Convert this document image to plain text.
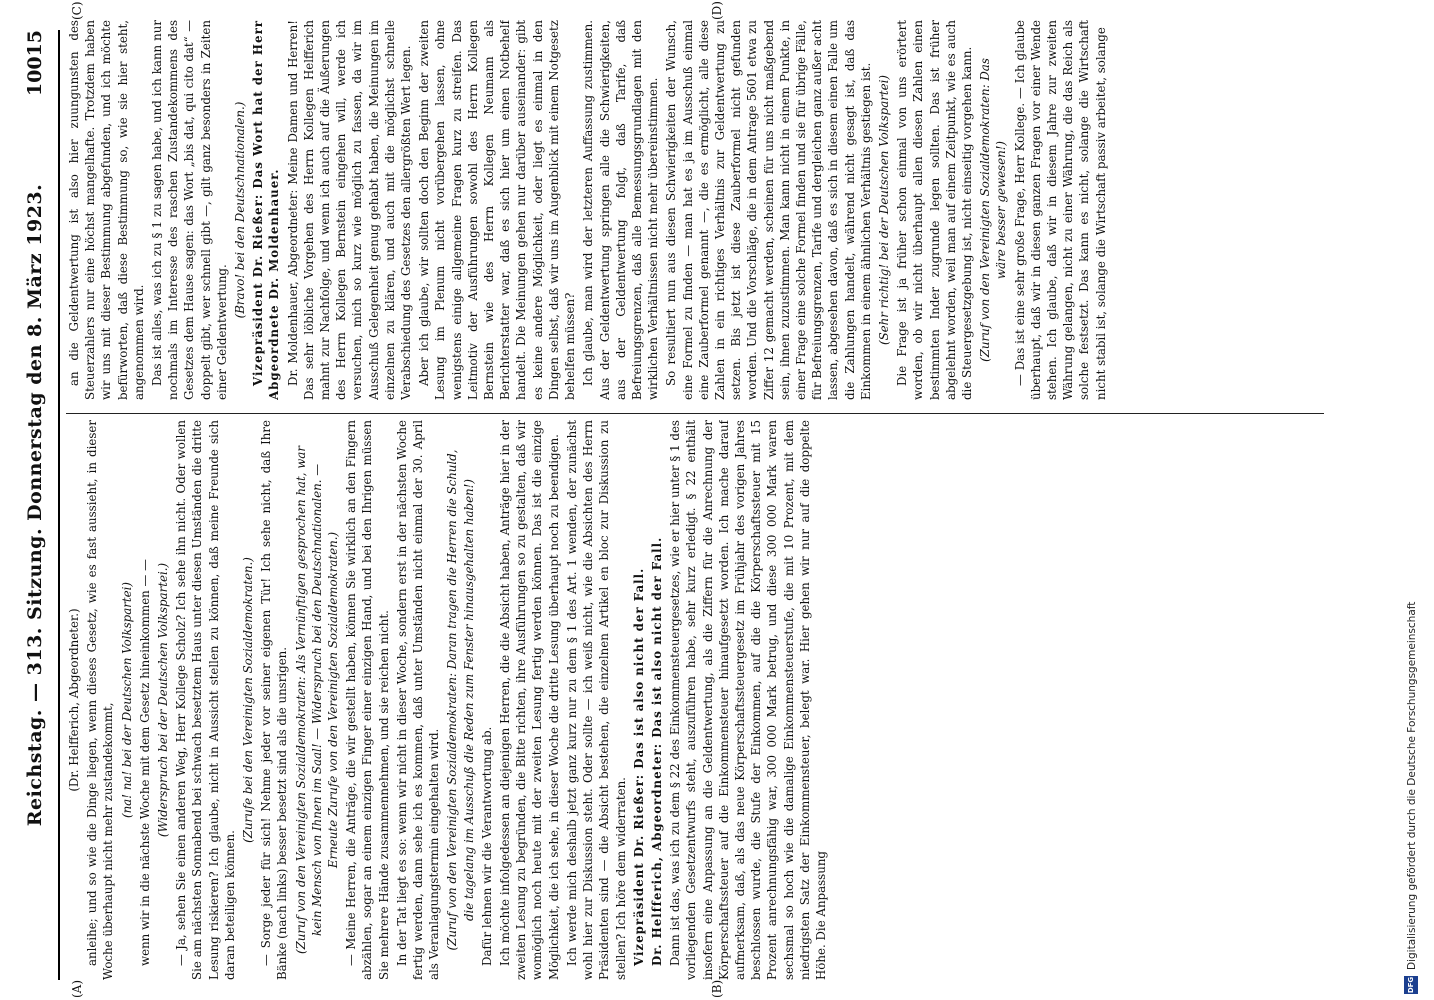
Reichstag. — 313. Sitzung. Donnerstag den 8. März 1923.
10015

(Dr. Helfferich, Abgeordneter.) anleihe; und so wie die Dinge liegen, wenn dieses Gesetz, wie es fast aussieht, in dieser Woche überhaupt nicht mehr zustandekommt,

(na! na! bei der Deutschen Volkspartei) wenn wir in die nächste Woche mit dem Gesetz hineinkommen — — (Widerspruch bei der Deutschen Volkspartei.) — Ja, sehen Sie einen anderen Weg, Herr Kollege Scholz? Ich sehe ihn nicht. Oder wollen Sie am nächsten Sonnabend bei schwach besetztem Haus unter diesen Umständen die dritte Lesung riskieren? Ich glaube, nicht in Aussicht stellen zu können, daß meine Freunde sich daran beteiligen können.

(Zurufe bei den Vereinigten Sozialdemokraten.) — Sorge jeder für sich! Nehme jeder vor seiner eigenen Tür! Ich sehe nicht, daß Ihre Bänke (nach links) besser besetzt sind als die unsrigen. (Zuruf von den Vereinigten Sozialdemokraten: Als Vernünftigen gesprochen hat, war kein Mensch von Ihnen im Saal! — Widerspruch bei den Deutschnationalen. — Erneute Zurufe von den Vereinigten Sozialdemokraten.) — Meine Herren, die Anträge, die wir gestellt haben, können Sie wirklich an den Fingern abzählen, sogar an einem einzigen Finger einer einzigen Hand, und bei den Ihrigen müssen Sie mehrere Hände zusammennehmen, und sie reichen nicht. In der Tat liegt es so: wenn wir nicht in dieser Woche, sondern erst in der nächsten Woche fertig werden, dann sehe ich es kommen, daß unter Umständen nicht einmal der 30. April als Veranlagungstermin eingehalten wird. (Zuruf von den Vereinigten Sozialdemokraten: Daran tragen die Herren die Schuld, die tagelang im Ausschuß die Reden zum Fenster hinausgehalten haben!) Dafür lehnen wir die Verantwortung ab. Ich möchte infolgedessen an diejenigen Herren, die die Absicht haben, Anträge hier in der zweiten Lesung zu begründen, die Bitte richten, ihre Ausführungen so zu gestalten, daß wir womöglich noch heute mit der zweiten Lesung fertig werden können. Das ist die einzige Möglichkeit, die ich sehe, in dieser Woche die dritte Lesung überhaupt noch zu beendigen. Ich werde mich deshalb jetzt ganz kurz nur zu dem § 1 des Art. 1 wenden, der zunächst wohl hier zur Diskussion steht. Oder sollte — ich weiß nicht, wie die Absichten des Herrn Präsidenten sind — die Absicht bestehen, die einzelnen Artikel en bloc zur Diskussion zu stellen? Ich höre dem widerraten. Vizepräsident Dr. Rießer: Das ist also nicht der Fall. Dr. Helfferich, Abgeordneter: Das ist also nicht der Fall. Dann ist das, was ich zu dem § 22 des Einkommensteuergesetzes, wie er hier unter § 1 des vorliegenden Gesetzentwurfs steht, auszuführen habe, sehr kurz erledigt. § 22 enthält insofern eine Anpassung an die Geldentwertung, als die Ziffern für die Anrechnung der Körperschaftssteuer auf die Einkommensteuer hinaufgesetzt worden. Ich mache darauf aufmerksam, daß, als das neue Körperschaftssteuergesetz im Frühjahr des vorigen Jahres beschlossen wurde, die Stufe der Einkommen, auf die die Körperschaftssteuer mit 15 Prozent anrechnungsfähig war, 300 000 Mark betrug, und diese 300 000 Mark waren sechsmal so hoch wie die damalige Einkommensteuerstufe, die mit 10 Prozent, mit dem niedrigsten Satz der Einkommensteuer, belegt war. Hier gehen wir nur auf die doppelte Höhe. Die Anpassung

an die Geldentwertung ist also hier zuungunsten des Steuerzahlers nur eine höchst mangelhafte. Trotzdem haben wir uns mit dieser Bestimmung abgefunden, und ich möchte befürworten, daß diese Bestimmung so, wie sie hier steht, angenommen wird. Das ist alles, was ich zu § 1 zu sagen habe, und ich kann nur nochmals im Interesse des raschen Zustandekommens des Gesetzes dem Hause sagen: das Wort „bis dat, qui cito dat“ — doppelt gibt, wer schnell gibt —, gilt ganz besonders in Zeiten einer Geldentwertung.

(Bravo! bei den Deutschnationalen.) Vizepräsident Dr. Rießer: Das Wort hat der Herr Abgeordnete Dr. Moldenhauer. Dr. Moldenhauer, Abgeordneter: Meine Damen und Herren! Das sehr löbliche Vorgehen des Herrn Kollegen Helfferich mahnt zur Nachfolge, und wenn ich auch auf die Äußerungen des Herrn Kollegen Bernstein eingehen will, werde ich versuchen, mich so kurz wie möglich zu fassen, da wir im Ausschuß Gelegenheit genug gehabt haben, die Meinungen im einzelnen zu klären, und auch mit die möglichst schnelle Verabschiedung des Gesetzes den allergrößten Wert legen. Aber ich glaube, wir sollten doch den Beginn der zweiten Lesung im Plenum nicht vorübergehen lassen, ohne wenigstens einige allgemeine Fragen kurz zu streifen. Das Leitmotiv der Ausführungen sowohl des Herrn Kollegen Bernstein wie des Herrn Kollegen Neumann als Berichterstatter war, daß es sich hier um einen Notbehelf handelt. Die Meinungen gehen nur darüber auseinander: gibt es keine andere Möglichkeit, oder liegt es einmal in den Dingen selbst, daß wir uns im Augenblick mit einem Notgesetz behelfen müssen? Ich glaube, man wird der letzteren Auffassung zustimmen. Aus der Geldentwertung springen alle die Schwierigkeiten, aus der Geldentwertung folgt, daß Tarife, daß Befreiungsgrenzen, daß alle Bemessungsgrundlagen mit den wirklichen Verhältnissen nicht mehr übereinstimmen. So resultiert nun aus diesen Schwierigkeiten der Wunsch, eine Formel zu finden — man hat es ja im Ausschuß einmal eine Zauberformel genannt —, die es ermöglicht, alle diese Zahlen in ein richtiges Verhältnis zur Geldentwertung zu setzen. Bis jetzt ist diese Zauberformel nicht gefunden worden. Und die Vorschläge, die in dem Antrage 5601 etwa zu Ziffer 12 gemacht werden, scheinen für uns nicht maßgebend sein, ihnen zuzustimmen. Man kann nicht in einem Punkte, in einer Frage eine solche Formel finden und sie für übrige Fälle, für Befreiungsgrenzen, Tarife und dergleichen ganz außer acht lassen, abgesehen davon, daß es sich in diesem einen Falle um die Zahlungen handelt, während nicht gesagt ist, daß das Einkommen in einem ähnlichen Verhältnis gestiegen ist. (Sehr richtig! bei der Deutschen Volkspartei) Die Frage ist ja früher schon einmal von uns erörtert worden, ob wir nicht überhaupt allen diesen Zahlen einen bestimmten Inder zugrunde legen sollten. Das ist früher abgelehnt worden, weil man auf einem Zeitpunkt, wie es auch die Steuergesetzgebung ist, nicht einseitig vorgehen kann. (Zuruf von den Vereinigten Sozialdemokraten: Das wäre besser gewesen!) — Das ist eine sehr große Frage, Herr Kollege. — Ich glaube überhaupt, daß wir in diesen ganzen Fragen vor einer Wende stehen. Ich glaube, daß wir in diesem Jahre zur zweiten Währung gelangen, nicht zu einer Währung, die das Reich als solche festsetzt. Das kann es nicht, solange die Wirtschaft nicht stabil ist, solange die Wirtschaft passiv arbeitet, solange

(A)	(B)
(C)	(D)
DFG
Digitalisierung gefördert durch die Deutsche Forschungsgemeinschaft
